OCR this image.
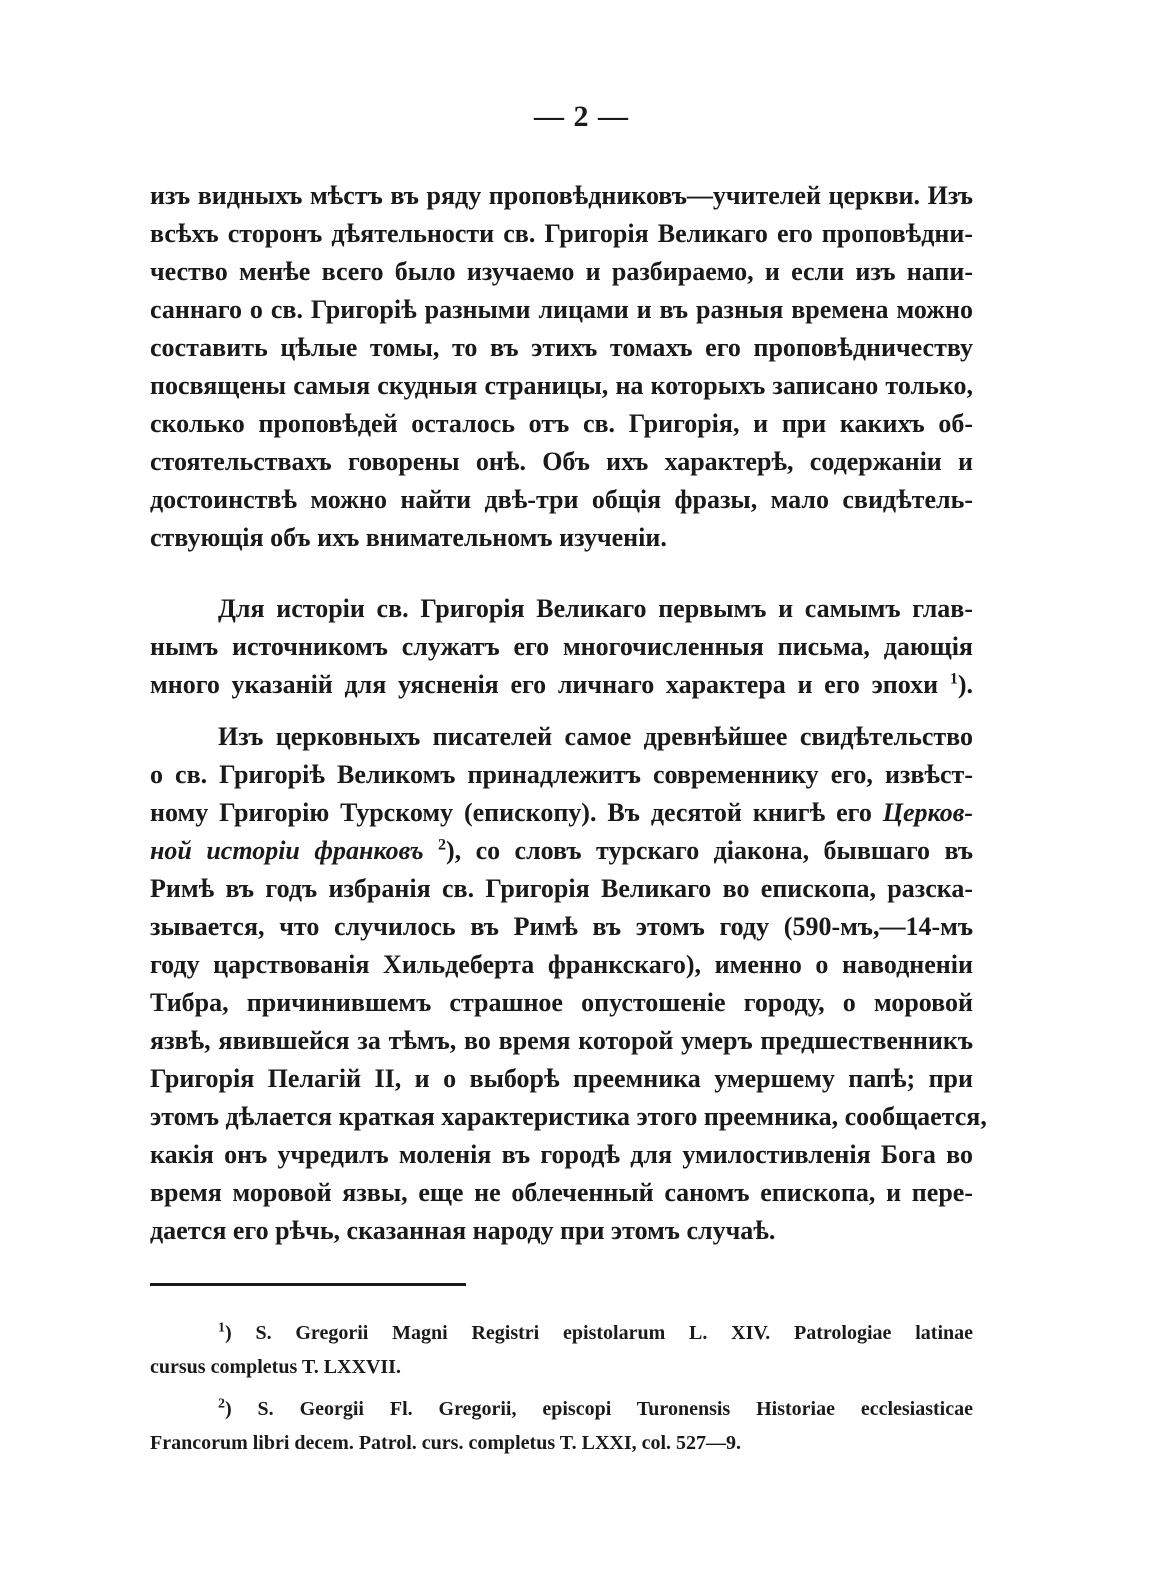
— 2 —
изъ видныхъ мѣстъ въ ряду проповѣдниковъ—учителей церкви. Изъ
всѣхъ сторонъ дѣятельности св. Григорія Великаго его проповѣдни-
чество менѣе всего было изучаемо и разбираемо, и если изъ напи-
саннаго о св. Григоріѣ разными лицами и въ разныя времена можно
составить цѣлые томы, то въ этихъ томахъ его проповѣдничеству
посвящены самыя скудныя страницы, на которыхъ записано только,
сколько проповѣдей осталось отъ св. Григорія, и при какихъ об-
стоятельствахъ говорены онѣ. Объ ихъ характерѣ, содержаніи и
достоинствѣ можно найти двѣ-три общія фразы, мало свидѣтель-
ствующія объ ихъ внимательномъ изученіи.
Для исторіи св. Григорія Великаго первымъ и самымъ глав-
нымъ источникомъ служатъ его многочисленныя письма, дающія
много указаній для уясненія его личнаго характера и его эпохи $^1$).
Изъ церковныхъ писателей самое древнѣйшее свидѣтельство
о св. Григоріѣ Великомъ принадлежитъ современнику его, извѣст-
ному Григорію Турскому (епископу). Въ десятой книгѣ его Церков-
ной исторіи франковъ $^2$), со словъ турскаго діакона, бывшаго въ
Римѣ въ годъ избранія св. Григорія Великаго во епископа, разска-
зывается, что случилось въ Римѣ въ этомъ году (590-мъ,—14-мъ
году царствованія Хильдеберта франкскаго), именно о наводненіи
Тибра, причинившемъ страшное опустошеніе городу, о моровой
язвѣ, явившейся за тѣмъ, во время которой умеръ предшественникъ
Григорія Пелагій II, и о выборѣ преемника умершему папѣ; при
этомъ дѣлается краткая характеристика этого преемника, сообщается,
какія онъ учредилъ моленія въ городѣ для умилостивленія Бога во
время моровой язвы, еще не облеченный саномъ епископа, и пере-
дается его рѣчь, сказанная народу при этомъ случаѣ.
$^1$) S. Gregorii Magni Registri epistolarum L. XIV. Patrologiae latinae
cursus completus T. LXXVII.
$^2$) S. Georgii Fl. Gregorii, episcopi Turonensis Historiae ecclesiasticae
Francorum libri decem. Patrol. curs. completus T. LXXI, col. 527—9.
